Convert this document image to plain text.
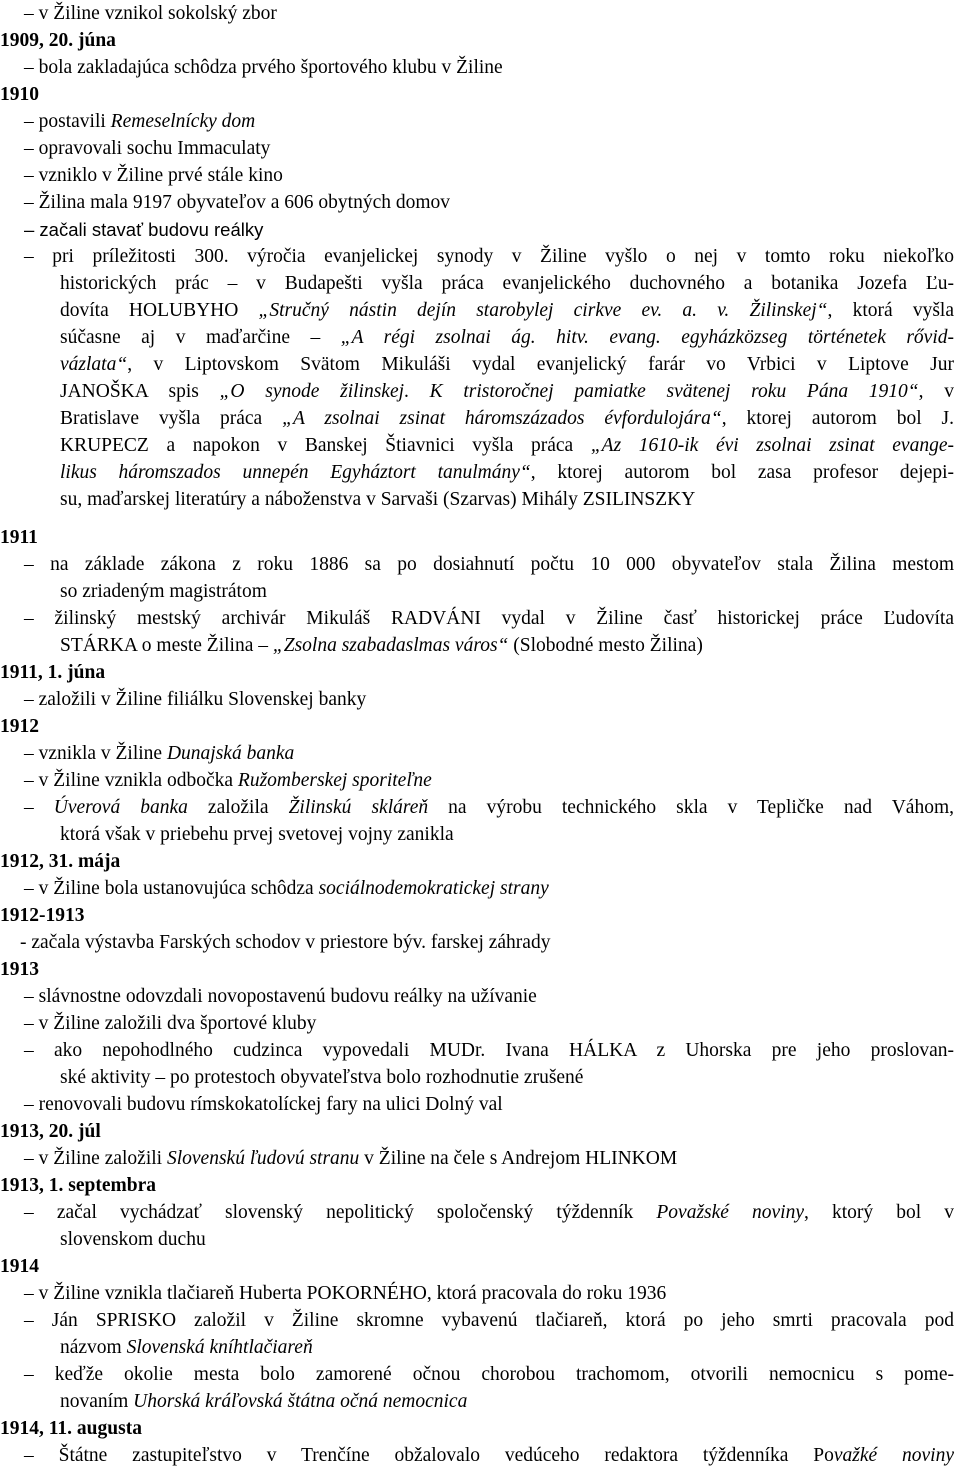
– v Žiline vznikol sokolský zbor
1909, 20. júna
– bola zakladajúca schôdza prvého športového klubu v Žiline
1910
– postavili Remeselnícky dom
– opravovali sochu Immaculaty
– vzniklo v Žiline prvé stále kino
– Žilina mala 9197 obyvateľov a 606 obytných domov
– začali stavať budovu reálky
– pri príležitosti 300. výročia evanjelickej synody v Žiline vyšlo o nej v tomto roku niekoľko
historických prác – v Budapešti vyšla práca evanjelického duchovného a botanika Jozefa Ľu-
dovíta HOLUBYHO „Stručný nástin dejín starobylej cirkve ev. a. v. Žilinskej“, ktorá vyšla
súčasne aj v maďarčine – „A régi zsolnai ág. hitv. evang. egyházközseg történetek rővid-
vázlata“, v Liptovskom Svätom Mikuláši vydal evanjelický farár vo Vrbici v Liptove Jur
JANOŠKA spis „O synode žilinskej. K tristoročnej pamiatke svätenej roku Pána 1910“, v
Bratislave vyšla práca „A zsolnai zsinat háromszázados évfordulojára“, ktorej autorom bol J.
KRUPECZ a napokon v Banskej Štiavnici vyšla práca „Az 1610-ik évi zsolnai zsinat evange-
likus háromszados unnepén Egyháztort tanulmány“, ktorej autorom bol zasa profesor dejepi-
su, maďarskej literatúry a náboženstva v Sarvaši (Szarvas) Mihály ZSILINSZKY
1911
– na základe zákona z roku 1886 sa po dosiahnutí počtu 10 000 obyvateľov stala Žilina mestom
so zriadeným magistrátom
– žilinský mestský archivár Mikuláš RADVÁNI vydal v Žiline časť historickej práce Ľudovíta
STÁRKA o meste Žilina – „Zsolna szabadaslmas város“ (Slobodné mesto Žilina)
1911, 1. júna
– založili v Žiline filiálku Slovenskej banky
1912
– vznikla v Žiline Dunajská banka
– v Žiline vznikla odbočka Ružomberskej sporiteľne
– Úverová banka založila Žilinskú skláreň na výrobu technického skla v Tepličke nad Váhom,
ktorá však v priebehu prvej svetovej vojny zanikla
1912, 31. mája
– v Žiline bola ustanovujúca schôdza sociálnodemokratickej strany
1912-1913
- začala výstavba Farských schodov v priestore býv. farskej záhrady
1913
– slávnostne odovzdali novopostavenú budovu reálky na užívanie
– v Žiline založili dva športové kluby
– ako nepohodlného cudzinca vypovedali MUDr. Ivana HÁLKA z Uhorska pre jeho proslovan-
ské aktivity – po protestoch obyvateľstva bolo rozhodnutie zrušené
– renovovali budovu rímskokatolíckej fary na ulici Dolný val
1913, 20. júl
– v Žiline založili Slovenskú ľudovú stranu v Žiline na čele s Andrejom HLINKOM
1913, 1. septembra
– začal vychádzať slovenský nepolitický spoločenský týždenník Považské noviny, ktorý bol v
slovenskom duchu
1914
– v Žiline vznikla tlačiareň Huberta POKORNÉHO, ktorá pracovala do roku 1936
– Ján SPRISKO založil v Žiline skromne vybavenú tlačiareň, ktorá po jeho smrti pracovala pod
názvom Slovenská kníhtlačiareň
– keďže okolie mesta bolo zamorené očnou chorobou trachomom, otvorili nemocnicu s pome-
novaním Uhorská kráľovská štátna očná nemocnica
1914, 11. augusta
– Štátne zastupiteľstvo v Trenčíne obžalovalo vedúceho redaktora týždenníka Považké noviny
